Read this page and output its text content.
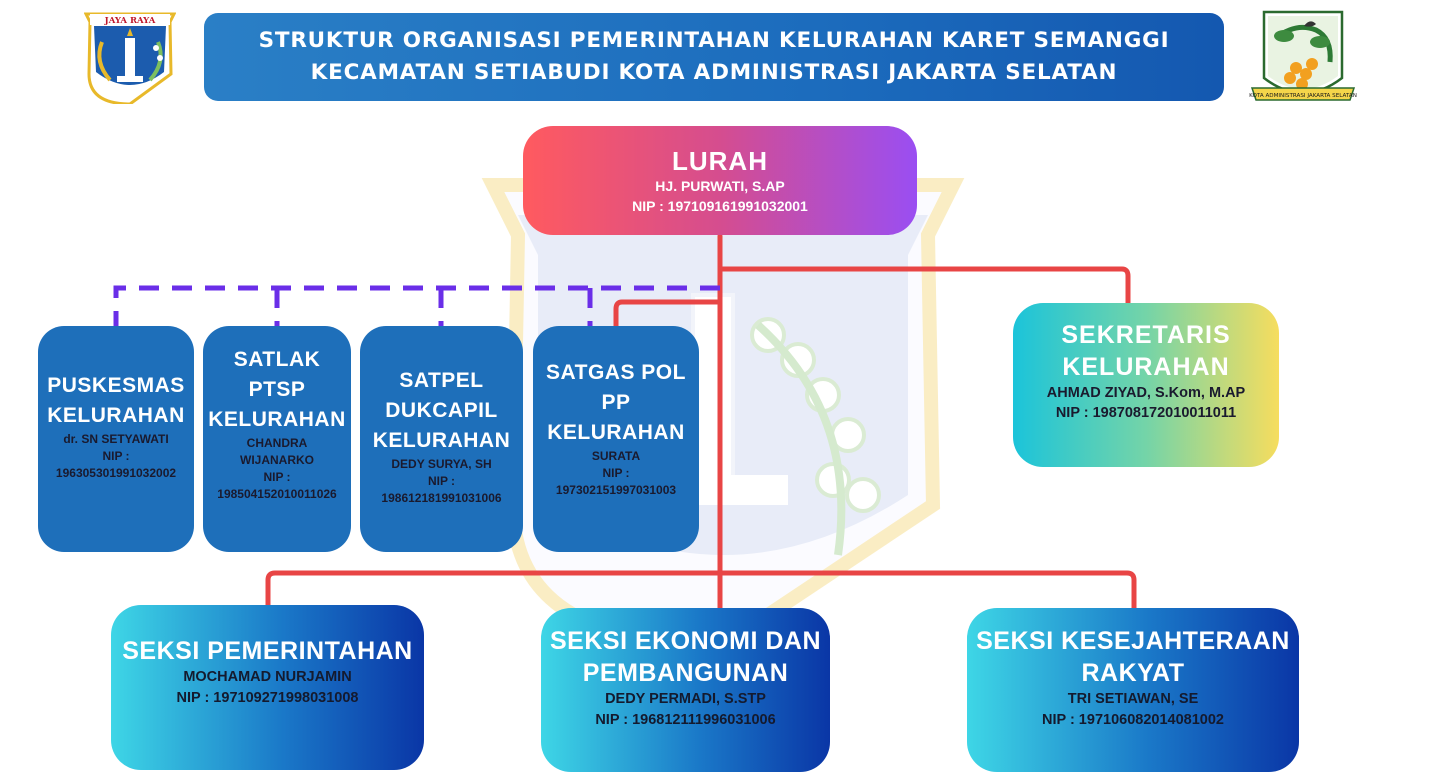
JAYA RAYA
KOTA ADMINISTRASI JAKARTA SELATAN
STRUKTUR ORGANISASI PEMERINTAHAN KELURAHAN KARET SEMANGGI
KECAMATAN SETIABUDI KOTA ADMINISTRASI JAKARTA SELATAN
LURAH
HJ. PURWATI, S.AP
NIP : 197109161991032001
SEKRETARIS
KELURAHAN
AHMAD ZIYAD, S.Kom, M.AP
NIP : 198708172010011011
PUSKESMAS
KELURAHAN
dr. SN SETYAWATI
NIP :
196305301991032002
SATLAK
PTSP
KELURAHAN
CHANDRA
WIJANARKO
NIP :
198504152010011026
SATPEL
DUKCAPIL
KELURAHAN
DEDY SURYA, SH
NIP :
198612181991031006
SATGAS POL
PP
KELURAHAN
SURATA
NIP :
197302151997031003
SEKSI PEMERINTAHAN
MOCHAMAD NURJAMIN
NIP : 197109271998031008
SEKSI EKONOMI DAN
PEMBANGUNAN
DEDY PERMADI, S.STP
NIP : 196812111996031006
SEKSI KESEJAHTERAAN
RAKYAT
TRI SETIAWAN, SE
NIP : 197106082014081002
